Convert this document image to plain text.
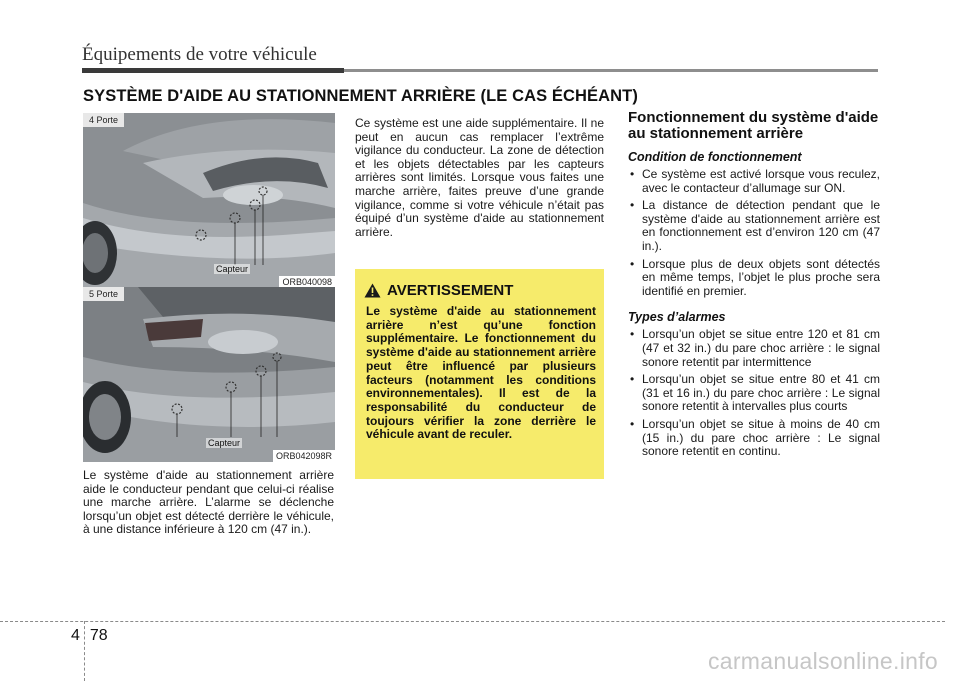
Équipements de votre véhicule
SYSTÈME D'AIDE AU STATIONNEMENT ARRIÈRE (LE CAS ÉCHÉANT)
4 Porte
Capteur
ORB040098
5 Porte
Capteur
ORB042098R
Le système d'aide au stationnement arrière aide le conducteur pendant que celui-ci réalise une marche arrière. L’alarme se déclenche lorsqu’un objet est détecté derrière le véhicule, à une distance inférieure à 120 cm (47 in.).
Ce système est une aide supplémentaire. Il ne peut en aucun cas remplacer l’extrême vigilance du conducteur. La zone de détection et les objets détectables par les capteurs arrières sont limités. Lorsque vous faites une marche arrière, faites preuve d’une grande vigilance, comme si votre véhicule n’était pas équipé d’un système d'aide au stationnement arrière.
AVERTISSEMENT
Le système d'aide au stationnement arrière n’est qu’une fonction supplémentaire. Le fonctionnement du système d'aide au stationnement arrière peut être influencé par plusieurs facteurs (notamment les conditions environnementales). Il est de la responsabilité du conducteur de toujours vérifier la zone derrière le véhicule avant de reculer.
Fonctionnement du système d'aide au stationnement arrière
Condition de fonctionnement
• Ce système est activé lorsque vous reculez, avec le contacteur d’allumage sur ON.
• La distance de détection pendant que le système d'aide au stationnement arrière est en fonctionnement est d’environ 120 cm (47 in.).
• Lorsque plus de deux objets sont détectés en même temps, l’objet le plus proche sera identifié en premier.
Types d’alarmes
• Lorsqu’un objet se situe entre 120 et 81 cm (47 et 32 in.) du pare choc arrière : le signal sonore retentit par intermittence
• Lorsqu’un objet se situe entre 80 et 41 cm (31 et 16 in.) du pare choc arrière : Le signal sonore retentit à intervalles plus courts
• Lorsqu’un objet se situe à moins de 40 cm (15 in.) du pare choc arrière : Le signal sonore retentit en continu.
4 78
carmanualsonline.info
